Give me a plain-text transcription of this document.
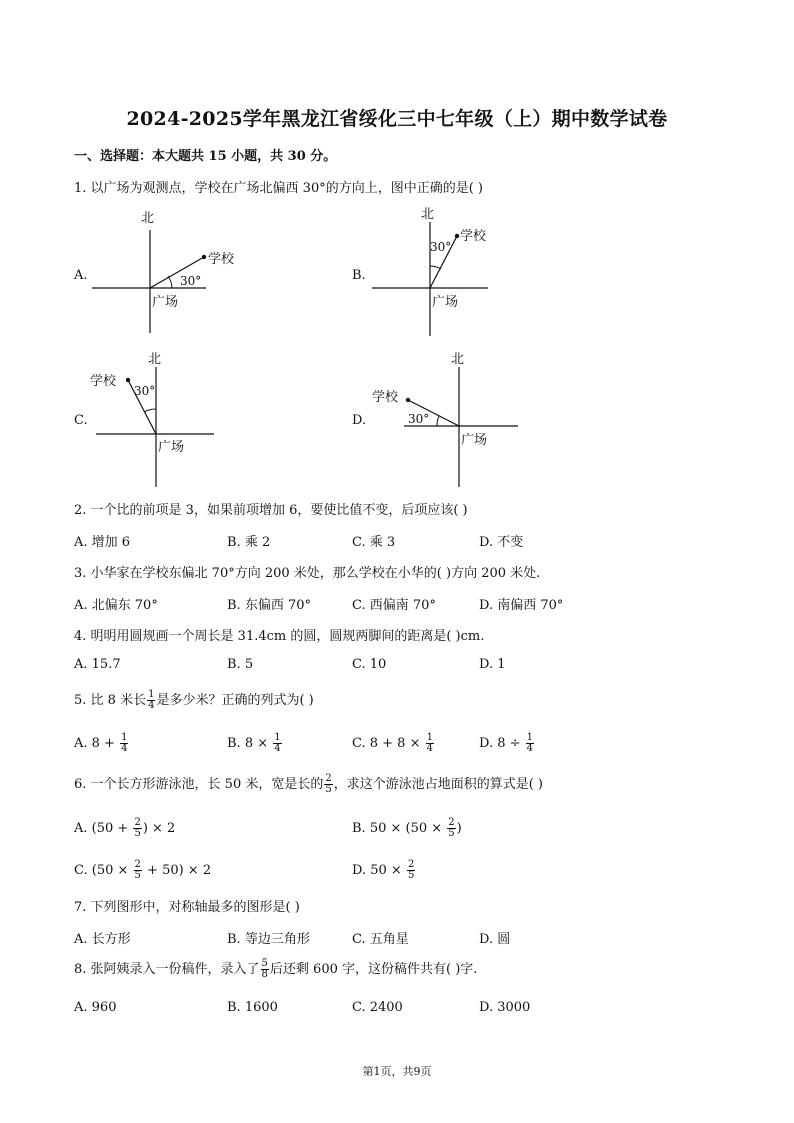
2024-2025学年黑龙江省绥化三中七年级（上）期中数学试卷
一、选择题：本大题共 15 小题，共 30 分。
1. 以广场为观测点，学校在广场北偏西 30°的方向上，图中正确的是( )
A.
北
学校
广场
30°	B.
北
学校
广场
30°
C.
北
学校
广场
30°
D.
北
学校
广场
30°
2. 一个比的前项是 3，如果前项增加 6，要使比值不变，后项应该( )
A. 增加 6	B. 乘 2	C. 乘 3	D. 不变
3. 小华家在学校东偏北 70°方向 200 米处，那么学校在小华的( )方向 200 米处.
A. 北偏东 70°	B. 东偏西 70°	C. 西偏南 70°	D. 南偏西 70°
4. 明明用圆规画一个周长是 31.4cm 的圆，圆规两脚间的距离是( )cm.
A. 15.7	B. 5	C. 10	D. 1
5. 比 8 米长 $\frac{1}{4}$ 是多少米？正确的列式为( )
A. $8 + \frac{1}{4}$	B. $8 \times \frac{1}{4}$	C. $8 + 8 \times \frac{1}{4}$	D. $8 \div \frac{1}{4}$
6. 一个长方形游泳池，长 50 米，宽是长的 $\frac{2}{5}$ ，求这个游泳池占地面积的算式是( )
A. ($50 + \frac{2}{5}$ ) × 2	B. $50 \times (50 \times \frac{2}{5}$ )
C. $(50 \times \frac{2}{5} + 50) \times 2$	D. $50 \times \frac{2}{5}$
7. 下列图形中，对称轴最多的图形是( )
A. 长方形	B. 等边三角形	C. 五角星	D. 圆
8. 张阿姨录入一份稿件，录入了 $\frac{5}{8}$ 后还剩 600 字，这份稿件共有( )字.
A. 960	B. 1600	C. 2400	D. 3000
第1页，共9页
